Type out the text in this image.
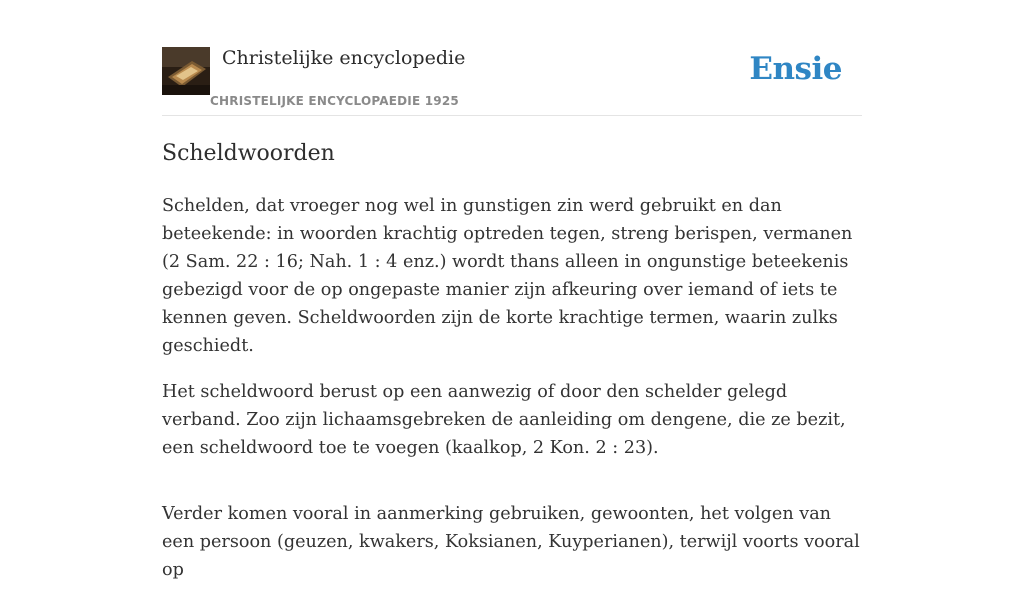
Christelijke encyclopedie
CHRISTELIJKE ENCYCLOPAEDIE 1925
Ensie
Scheldwoorden

Schelden, dat vroeger nog wel in gunstigen zin werd gebruikt en dan beteekende: in woorden krachtig optreden tegen, streng berispen, vermanen (2 Sam. 22 : 16; Nah. 1 : 4 enz.) wordt thans alleen in ongunstige beteekenis gebezigd voor de op ongepaste manier zijn afkeuring over iemand of iets te kennen geven. Scheldwoorden zijn de korte krachtige termen, waarin zulks geschiedt.

Het scheldwoord berust op een aanwezig of door den schelder gelegd verband. Zoo zijn lichaamsgebreken de aanleiding om dengene, die ze bezit, een scheldwoord toe te voegen (kaalkop, 2 Kon. 2 : 23).

Verder komen vooral in aanmerking gebruiken, gewoonten, het volgen van een persoon (geuzen, kwakers, Koksianen, Kuyperianen), terwijl voorts vooral op
